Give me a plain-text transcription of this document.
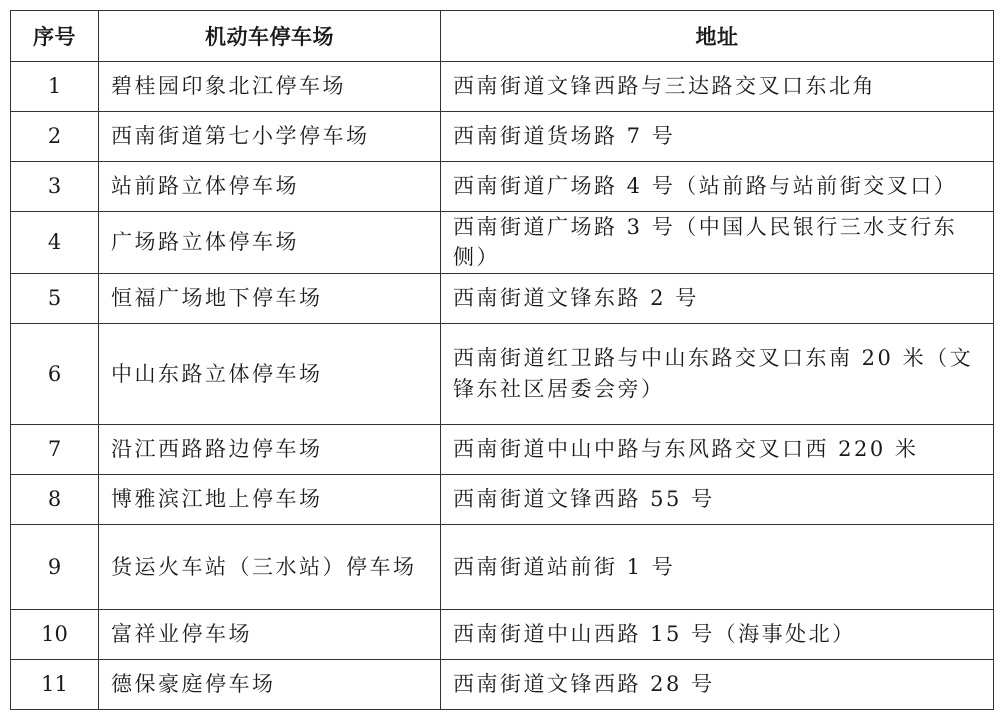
序号	机动车停车场	地址
1	碧桂园印象北江停车场	西南街道文锋西路与三达路交叉口东北角
2	西南街道第七小学停车场	西南街道货场路 7 号
3	站前路立体停车场	西南街道广场路 4 号（站前路与站前街交叉口）
4	广场路立体停车场	西南街道广场路 3 号（中国人民银行三水支行东侧）
5	恒福广场地下停车场	西南街道文锋东路 2 号
6	中山东路立体停车场	西南街道红卫路与中山东路交叉口东南 20 米（文锋东社区居委会旁）
7	沿江西路路边停车场	西南街道中山中路与东风路交叉口西 220 米
8	博雅滨江地上停车场	西南街道文锋西路 55 号
9	货运火车站（三水站）停车场	西南街道站前街 1 号
10	富祥业停车场	西南街道中山西路 15 号（海事处北）
11	德保豪庭停车场	西南街道文锋西路 28 号
